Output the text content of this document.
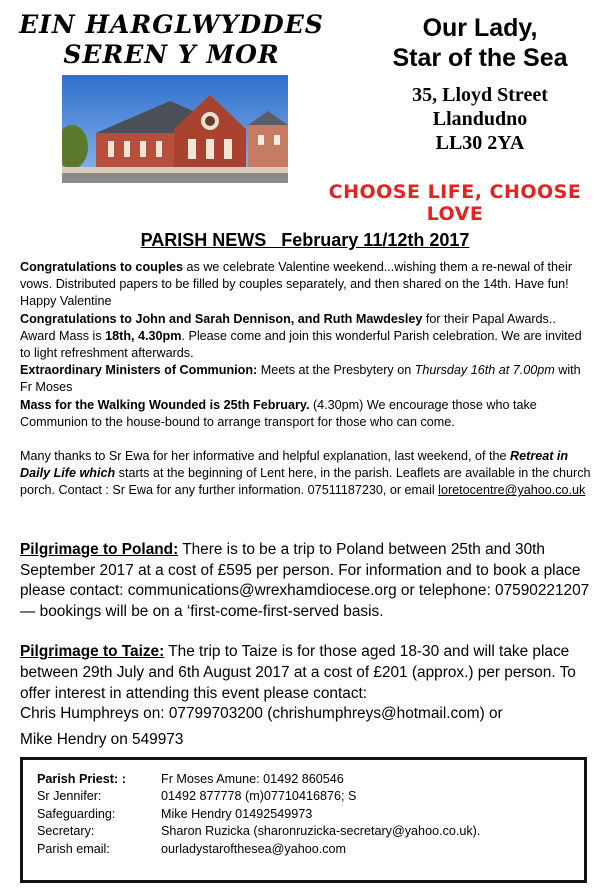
EIN HARGLWYDDES
SEREN Y MOR
Our Lady,
Star of the Sea
35, Lloyd Street
Llandudno
LL30 2YA
CHOOSE LIFE, CHOOSE LOVE
PARISH NEWS   February 11/12th 2017

Congratulations to couples as we celebrate Valentine weekend...wishing them a re-newal of their vows. Distributed papers to be filled by couples separately, and then shared on the 14th. Have fun! Happy Valentine

Congratulations to John and Sarah Dennison, and Ruth Mawdesley for their Papal Awards.. Award Mass is 18th, 4.30pm. Please come and join this wonderful Parish celebration. We are invited to light refreshment afterwards.

Extraordinary Ministers of Communion: Meets at the Presbytery on Thursday 16th at 7.00pm with Fr Moses

Mass for the Walking Wounded is 25th February. (4.30pm) We encourage those who take Communion to the house-bound to arrange transport for those who can come.

Many thanks to Sr Ewa for her informative and helpful explanation, last weekend, of the Retreat in Daily Life which starts at the beginning of Lent here, in the parish. Leaflets are available in the church porch. Contact : Sr Ewa for any further information. 07511187230, or email loretocentre@yahoo.co.uk

Pilgrimage to Poland: There is to be a trip to Poland between 25th and 30th September 2017 at a cost of £595 per person. For information and to book a place please contact: communications@wrexhamdiocese.org or telephone: 07590221207— bookings will be on a ‘first-come-first-served basis.

Pilgrimage to Taize: The trip to Taize is for those aged 18-30 and will take place between 29th July and 6th August 2017 at a cost of £201 (approx.) per person. To offer interest in attending this event please contact:

Chris Humphreys on: 07799703200 (chrishumphreys@hotmail.com) or

Mike Hendry on 549973

Parish Priest: :	Fr Moses Amune: 01492 860546
Sr Jennifer:	01492 877778 (m)07710416876; S
Safeguarding:	Mike Hendry 01492549973
Secretary:	Sharon Ruzicka (sharonruzicka-secretary@yahoo.co.uk).
Parish email:	ourladystaroftheseа@yahoo.com
